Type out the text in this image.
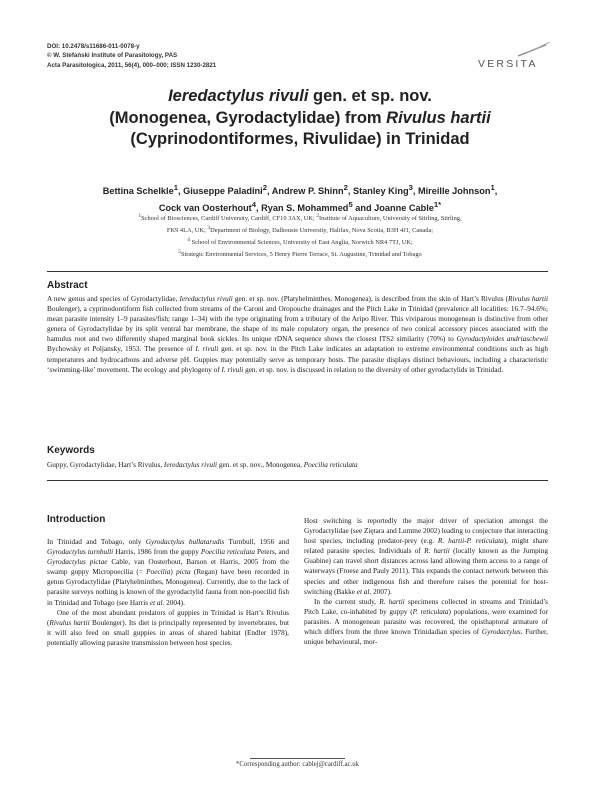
DOI: 10.2478/s11686-011-0078-y
© W. Stefański Institute of Parasitology, PAS
Acta Parasitologica, 2011, 56(4), 000–000; ISSN 1230-2821	VERSITA
Ieredactylus rivuli gen. et sp. nov.
(Monogenea, Gyrodactylidae) from Rivulus hartii
(Cyprinodontiformes, Rivulidae) in Trinidad
Bettina Schelkle$^1$, Giuseppe Paladini$^2$, Andrew P. Shinn$^2$, Stanley King$^3$, Mireille Johnson$^1$,
Cock van Oosterhout$^4$, Ryan S. Mohammed$^5$ and Joanne Cable$^{1*}$
$^1$School of Biosciences, Cardiff University, Cardiff, CF10 3AX, UK; $^2$Institute of Aquaculture, University of Stirling, Stirling,
FK9 4LA, UK; $^3$Department of Biology, Dalhousie University, Halifax, Nova Scotia, B3H 4J1, Canada;
$^4$ School of Environmental Sciences, University of East Anglia, Norwich NR4 7TJ, UK;
$^5$Strategic Environmental Services, 5 Henry Pierre Terrace, St. Augustine, Trinidad and Tobago
Abstract
A new genus and species of Gyrodactylidae, Ieredactylus rivuli gen. et sp. nov. (Platyhelminthes, Monogenea), is described from the skin of Hart’s Rivulus (Rivulus hartii Boulenger), a cyprinodontiform fish collected from streams of the Caroni and Oropouche drainages and the Pitch Lake in Trinidad (prevalence all localities: 16.7–94.6%; mean parasite intensity 1–9 parasites/fish; range 1–34) with the type originating from a tributary of the Aripo River. This viviparous monogenean is distinctive from other genera of Gyrodactylidae by its split ventral bar membrane, the shape of its male copulatory organ, the presence of two conical accessory pieces associated with the hamulus root and two differently shaped marginal hook sickles. Its unique rDNA sequence shows the closest ITS2 similarity (70%) to Gyrodactyloides andriaschewii Bychowsky et Poljansky, 1953. The presence of I. rivuli gen. et sp. nov. in the Pitch Lake indicates an adaptation to extreme environmental conditions such as high temperatures and hydrocarbons and adverse pH. Guppies may potentially serve as temporary hosts. The parasite displays distinct behaviours, including a characteristic ‘swimming-like’ movement. The ecology and phylogeny of I. rivuli gen. et sp. nov. is discussed in relation to the diversity of other gyrodactylids in Trinidad.
Keywords
Guppy, Gyrodactylidae, Hart’s Rivulus, Ieredactylus rivuli gen. et sp. nov., Monogenea, Poecilia reticulata
Introduction

In Trinidad and Tobago, only Gyrodactylus bullatarudis Turnbull, 1956 and Gyrodactylus turnbulli Harris, 1986 from the guppy Poecilia reticulata Peters, and Gyrodactylus pictae Cable, van Oosterhout, Barson et Harris, 2005 from the swamp guppy Micropoecilia (= Poecilia) picta (Regan) have been recorded in genus Gyrodactylidae (Platyhelminthes, Monogenea). Currently, due to the lack of parasite surveys nothing is known of the gyrodactylid fauna from non-poecilid fish in Trinidad and Tobago (see Harris et al. 2004).

One of the most abundant predators of guppies in Trinidad is Hart’s Rivulus (Rivulus hartii Boulenger). Its diet is principally represented by invertebrates, but it will also feed on small guppies in areas of shared habitat (Endler 1978), potentially allowing parasite transmission between host species.

Host switching is reportedly the major driver of speciation amongst the Gyrodactylidae (see Ziętara and Lumme 2002) leading to conjecture that interacting host species, including predator-prey (e.g. R. hartii-P. reticulata), might share related parasite species. Individuals of R. hartii (locally known as the Jumping Guabine) can travel short distances across land allowing them access to a range of waterways (Froese and Pauly 2011). This expands the contact network between this species and other indigenous fish and therefore raises the potential for host-switching (Bakke et al. 2007).

In the current study, R. hartii specimens collected in streams and Trinidad’s Pitch Lake, co-inhabited by guppy (P. reticulata) populations, were examined for parasites. A monogenean parasite was recovered, the opisthaptoral armature of which differs from the three known Trinidadian species of Gyrodactylus. Further, unique behavioural, mor-

*Corresponding author: cablej@cardiff.ac.uk
